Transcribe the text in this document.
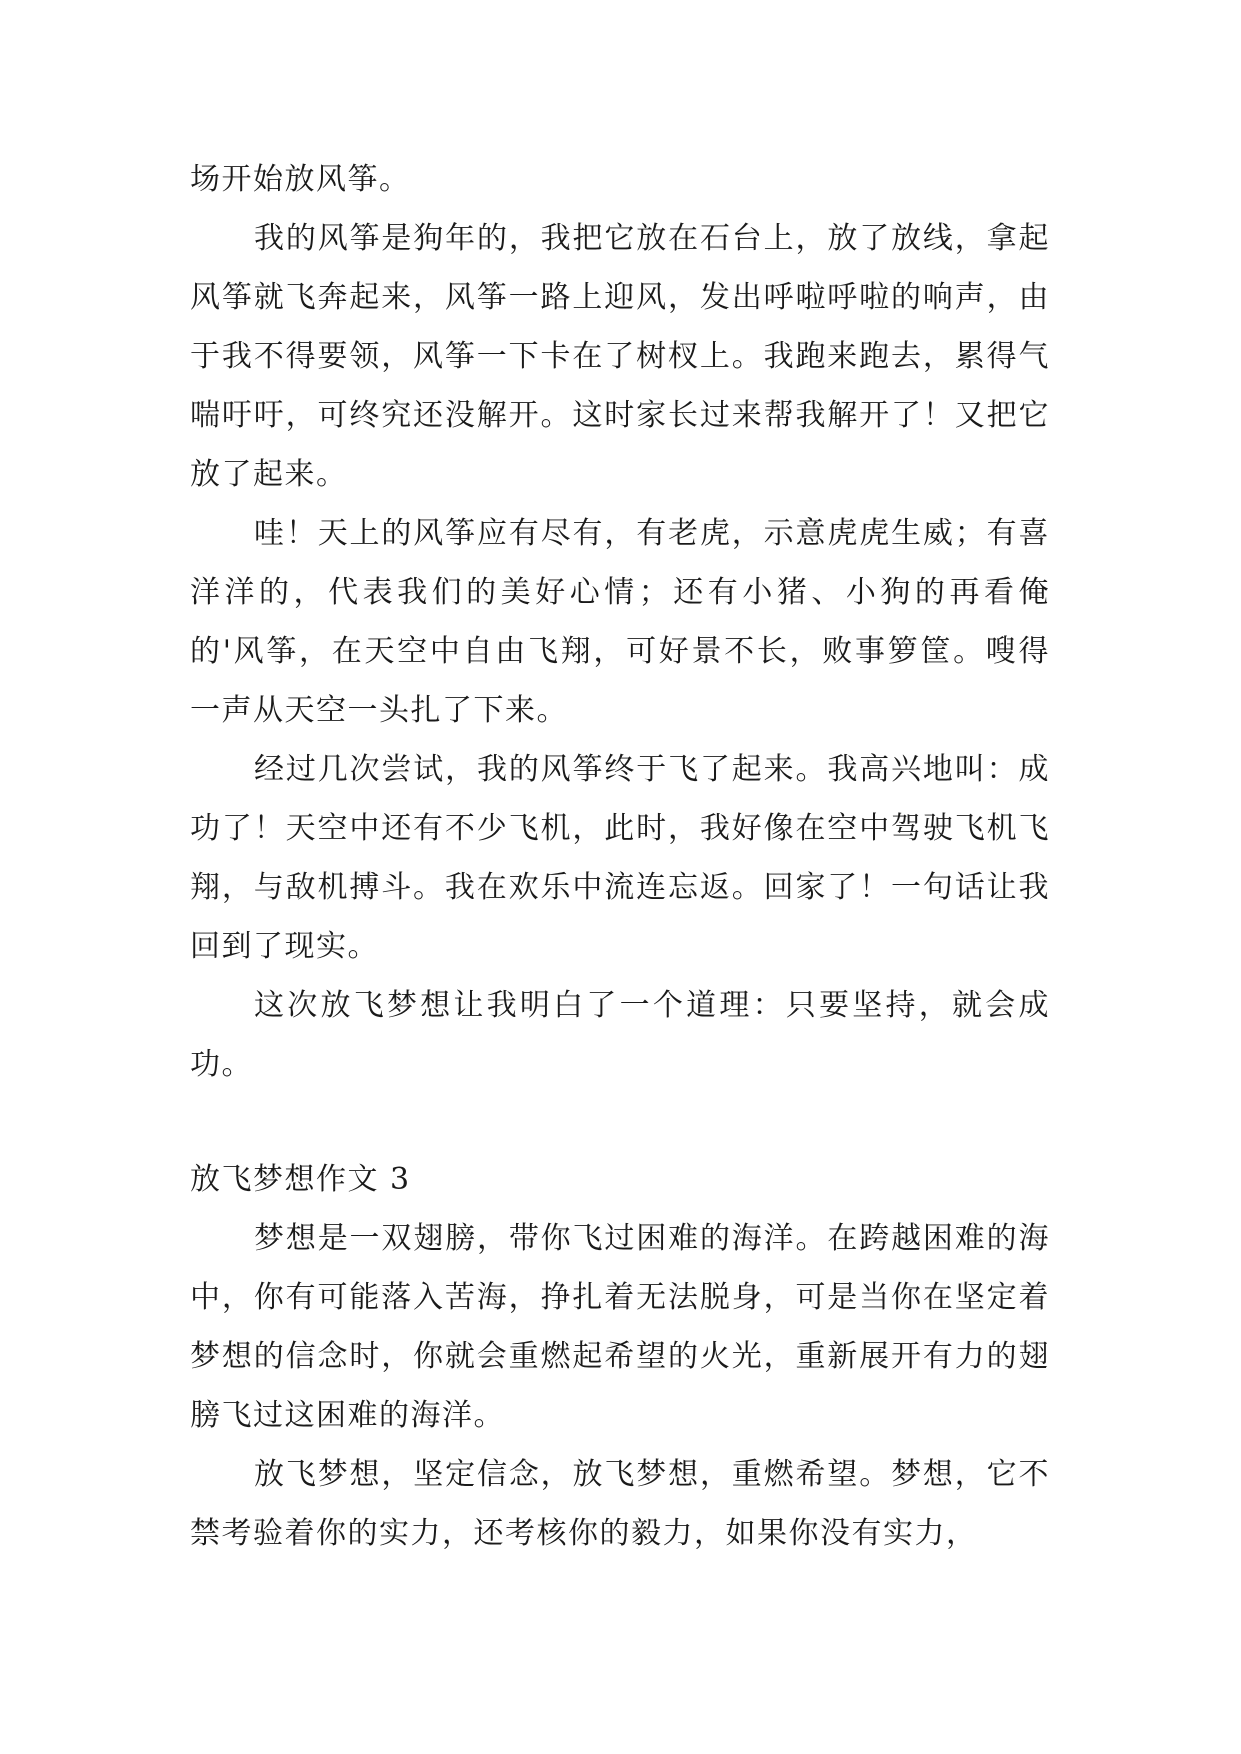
场开始放风筝。

我的风筝是狗年的，我把它放在石台上，放了放线，拿起风筝就飞奔起来，风筝一路上迎风，发出呼啦呼啦的响声，由于我不得要领，风筝一下卡在了树杈上。我跑来跑去，累得气喘吁吁，可终究还没解开。这时家长过来帮我解开了！又把它放了起来。

哇！天上的风筝应有尽有，有老虎，示意虎虎生威；有喜洋洋的，代表我们的美好心情；还有小猪、小狗的再看俺的'风筝，在天空中自由飞翔，可好景不长，败事箩筐。嗖得一声从天空一头扎了下来。

经过几次尝试，我的风筝终于飞了起来。我高兴地叫：成功了！天空中还有不少飞机，此时，我好像在空中驾驶飞机飞翔，与敌机搏斗。我在欢乐中流连忘返。回家了！一句话让我回到了现实。

这次放飞梦想让我明白了一个道理：只要坚持，就会成功。

放飞梦想作文 3

梦想是一双翅膀，带你飞过困难的海洋。在跨越困难的海中，你有可能落入苦海，挣扎着无法脱身，可是当你在坚定着梦想的信念时，你就会重燃起希望的火光，重新展开有力的翅膀飞过这困难的海洋。

放飞梦想，坚定信念，放飞梦想，重燃希望。梦想，它不禁考验着你的实力，还考核你的毅力，如果你没有实力，
